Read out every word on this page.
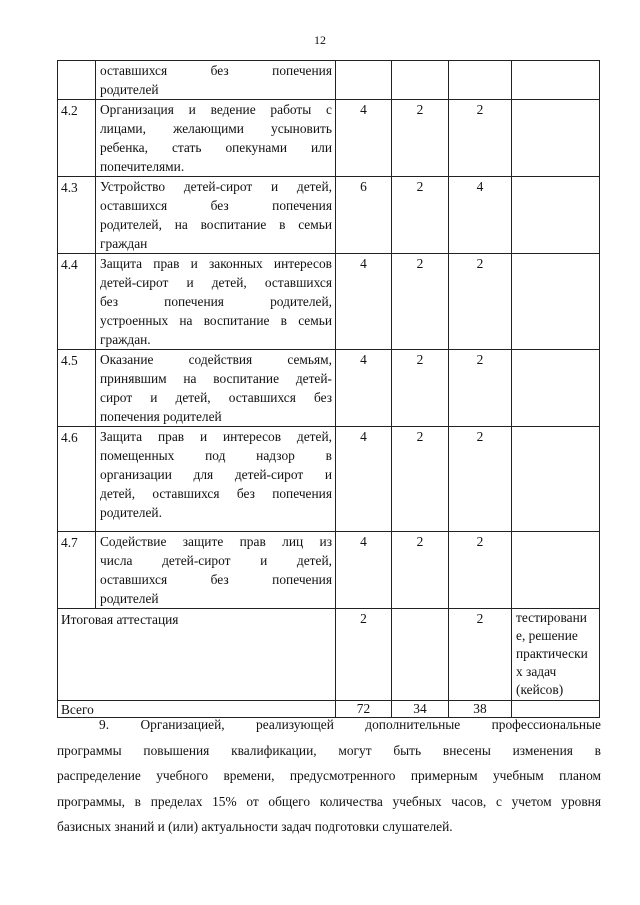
12

	оставшихся без попечения
родителей				

4.2	Организация и ведение работы с
лицами, желающими усыновить
ребенка, стать опекунами или
попечителями.	4	2	2	
4.3	Устройство детей-сирот и детей,
оставшихся без попечения
родителей, на воспитание в семьи
граждан	6	2	4	
4.4	Защита прав и законных интересов
детей-сирот и детей, оставшихся
без попечения родителей,
устроенных на воспитание в семьи
граждан.	4	2	2	
4.5	Оказание содействия семьям,
принявшим на воспитание детей-
сирот и детей, оставшихся без
попечения родителей	4	2	2	
4.6	Защита прав и интересов детей,
помещенных под надзор в
организации для детей-сирот и
детей, оставшихся без попечения
родителей.	4	2	2	
4.7	Содействие защите прав лиц из
числа детей-сирот и детей,
оставшихся без попечения
родителей	4	2	2	
Итоговая аттестация		2		2	тестировани
е, решение
практически
х задач
(кейсов)

Всего		72	34	38	
9. Организацией, реализующей дополнительные профессиональные
программы повышения квалификации, могут быть внесены изменения в
распределение учебного времени, предусмотренного примерным учебным планом
программы, в пределах 15% от общего количества учебных часов, с учетом уровня
базисных знаний и (или) актуальности задач подготовки слушателей.
